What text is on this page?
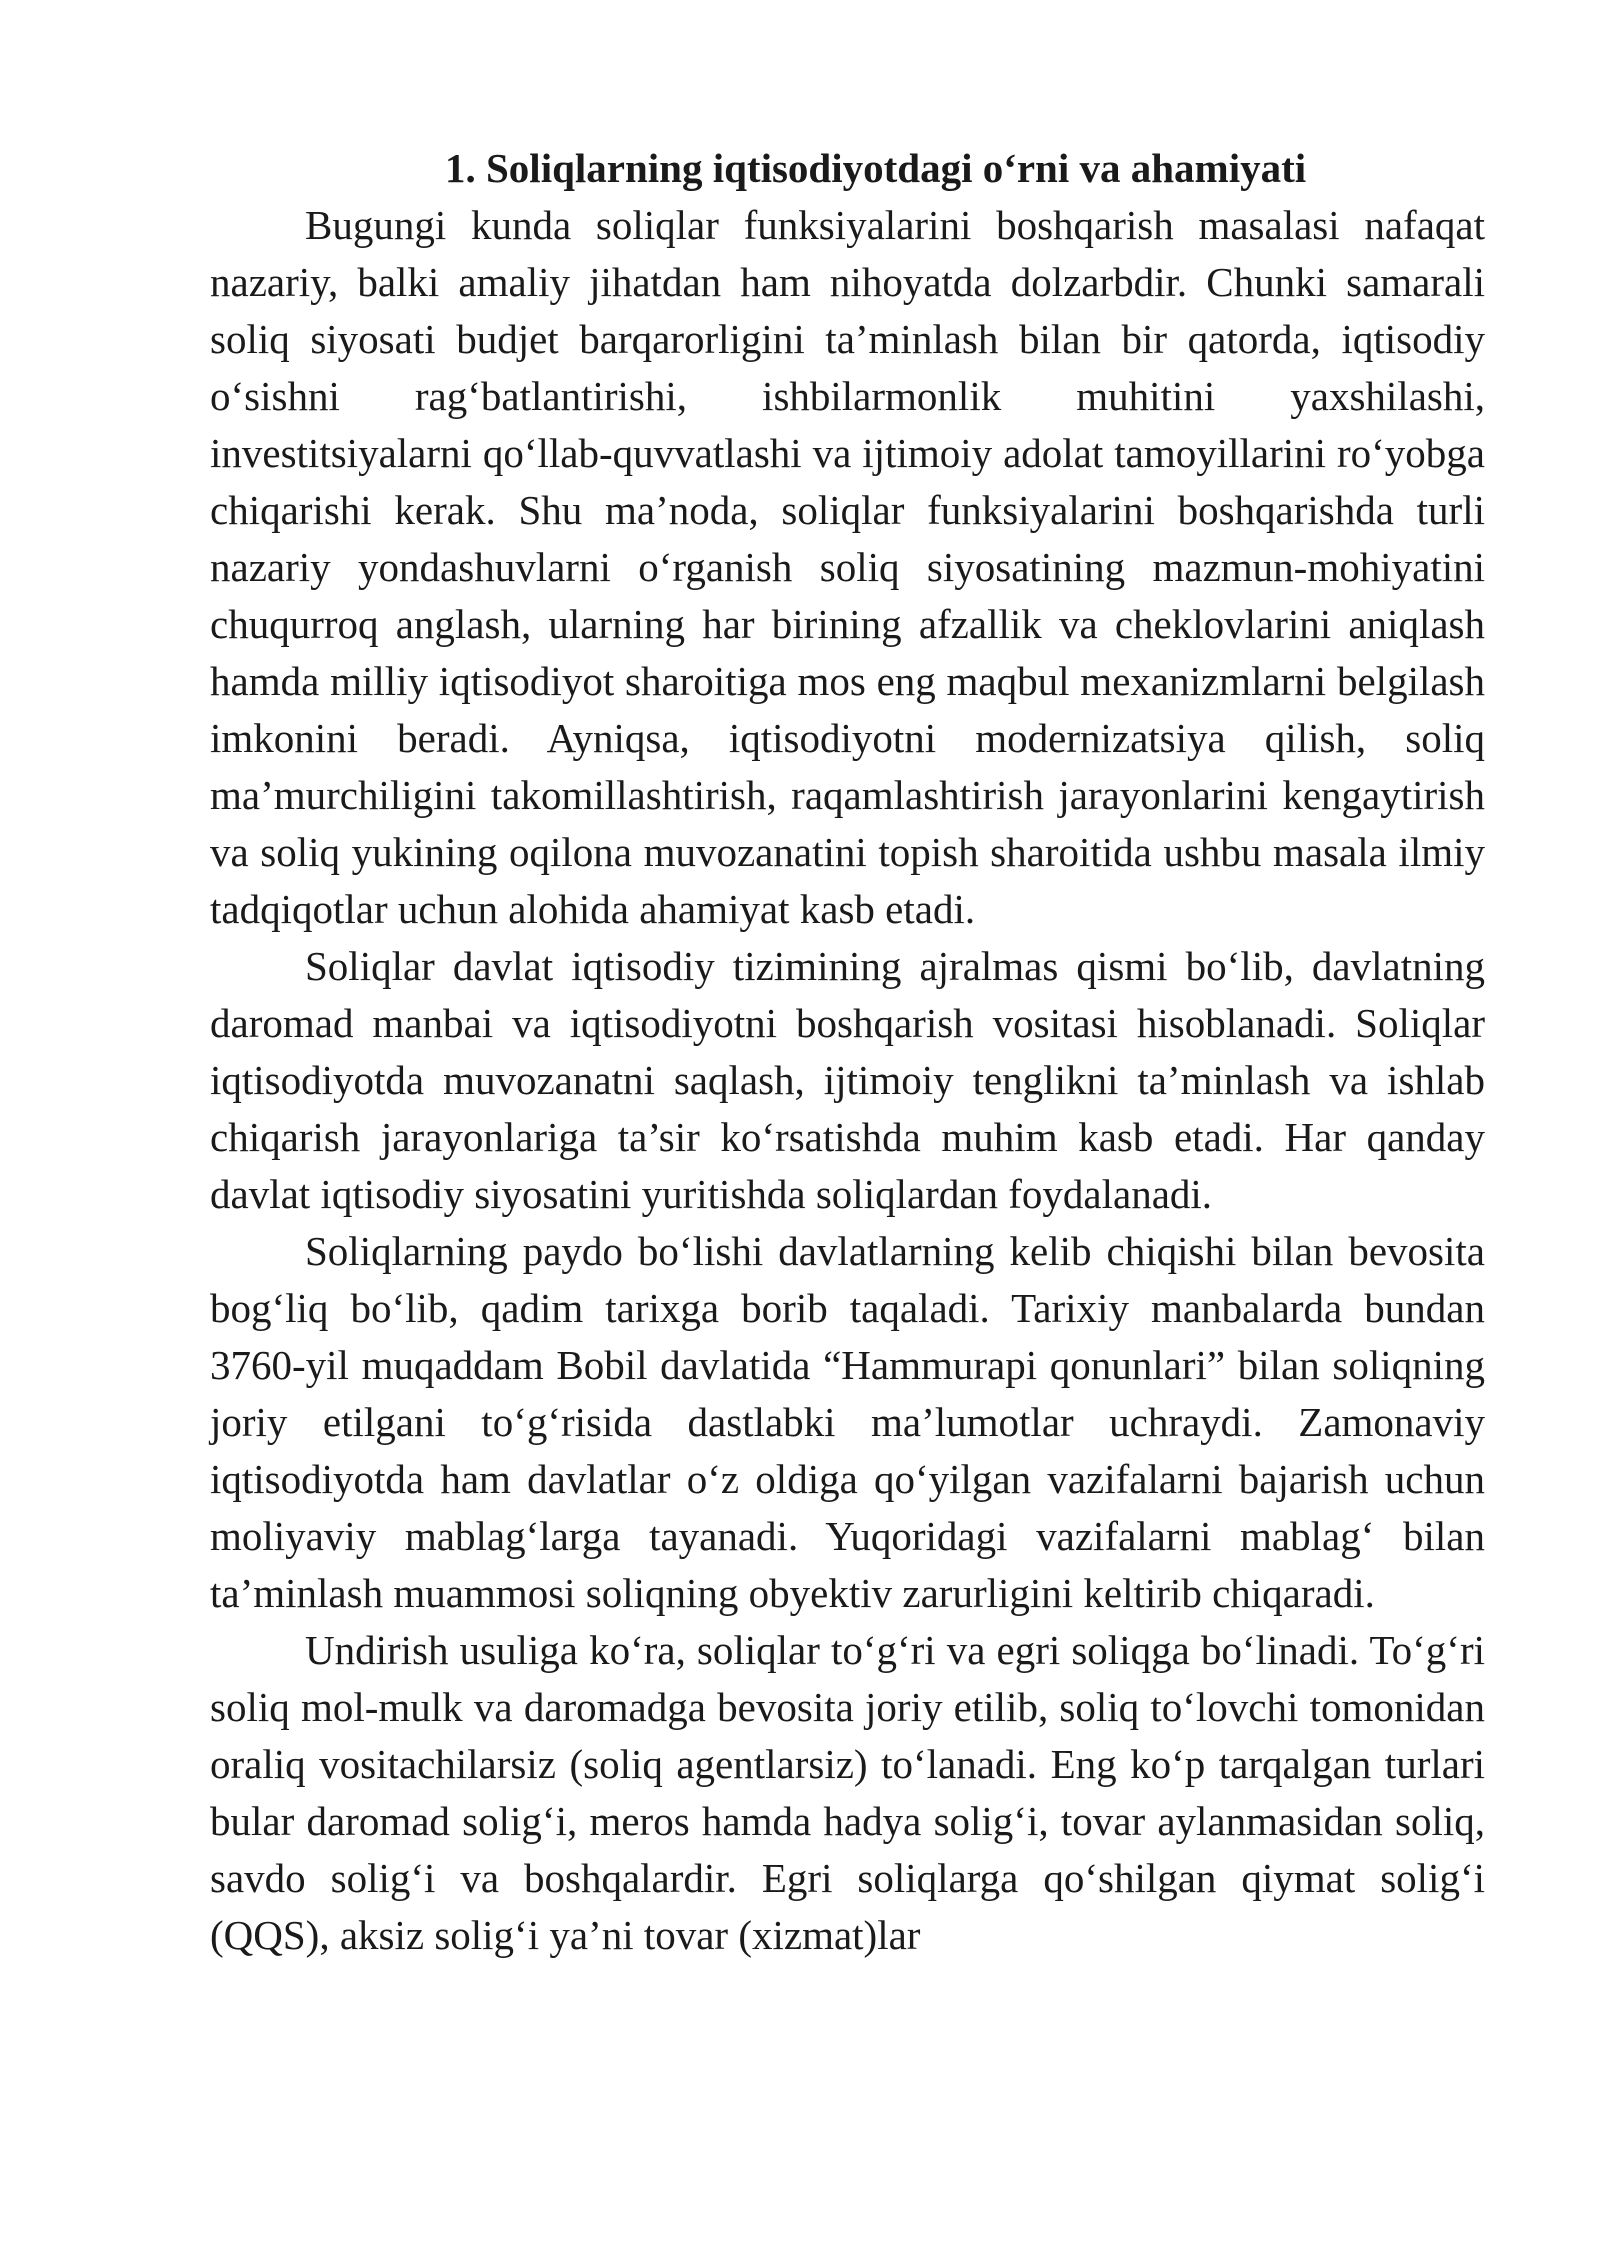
1. Soliqlarning iqtisodiyotdagi o‘rni va ahamiyati

Bugungi kunda soliqlar funksiyalarini boshqarish masalasi nafaqat nazariy, balki amaliy jihatdan ham nihoyatda dolzarbdir. Chunki samarali soliq siyosati budjet barqarorligini ta’minlash bilan bir qatorda, iqtisodiy o‘sishni rag‘batlantirishi, ishbilarmonlik muhitini yaxshilashi, investitsiyalarni qo‘llab-quvvatlashi va ijtimoiy adolat tamoyillarini ro‘yobga chiqarishi kerak. Shu ma’noda, soliqlar funksiyalarini boshqarishda turli nazariy yondashuvlarni o‘rganish soliq siyosatining mazmun-mohiyatini chuqurroq anglash, ularning har birining afzallik va cheklovlarini aniqlash hamda milliy iqtisodiyot sharoitiga mos eng maqbul mexanizmlarni belgilash imkonini beradi. Ayniqsa, iqtisodiyotni modernizatsiya qilish, soliq ma’murchiligini takomillashtirish, raqamlashtirish jarayonlarini kengaytirish va soliq yukining oqilona muvozanatini topish sharoitida ushbu masala ilmiy tadqiqotlar uchun alohida ahamiyat kasb etadi.

Soliqlar davlat iqtisodiy tizimining ajralmas qismi bo‘lib, davlatning daromad manbai va iqtisodiyotni boshqarish vositasi hisoblanadi. Soliqlar iqtisodiyotda muvozanatni saqlash, ijtimoiy tenglikni ta’minlash va ishlab chiqarish jarayonlariga ta’sir ko‘rsatishda muhim kasb etadi. Har qanday davlat iqtisodiy siyosatini yuritishda soliqlardan foydalanadi.

Soliqlarning paydo bo‘lishi davlatlarning kelib chiqishi bilan bevosita bog‘liq bo‘lib, qadim tarixga borib taqaladi. Tarixiy manbalarda bundan 3760-yil muqaddam Bobil davlatida “Hammurapi qonunlari” bilan soliqning joriy etilgani to‘g‘risida dastlabki ma’lumotlar uchraydi. Zamonaviy iqtisodiyotda ham davlatlar o‘z oldiga qo‘yilgan vazifalarni bajarish uchun moliyaviy mablag‘larga tayanadi. Yuqoridagi vazifalarni mablag‘ bilan ta’minlash muammosi soliqning obyektiv zarurligini keltirib chiqaradi.

Undirish usuliga ko‘ra, soliqlar to‘g‘ri va egri soliqga bo‘linadi. To‘g‘ri soliq mol-mulk va daromadga bevosita joriy etilib, soliq to‘lovchi tomonidan oraliq vositachilarsiz (soliq agentlarsiz) to‘lanadi. Eng ko‘p tarqalgan turlari bular daromad solig‘i, meros hamda hadya solig‘i, tovar aylanmasidan soliq, savdo solig‘i va boshqalardir. Egri soliqlarga qo‘shilgan qiymat solig‘i (QQS), aksiz solig‘i ya’ni tovar (xizmat)lar
